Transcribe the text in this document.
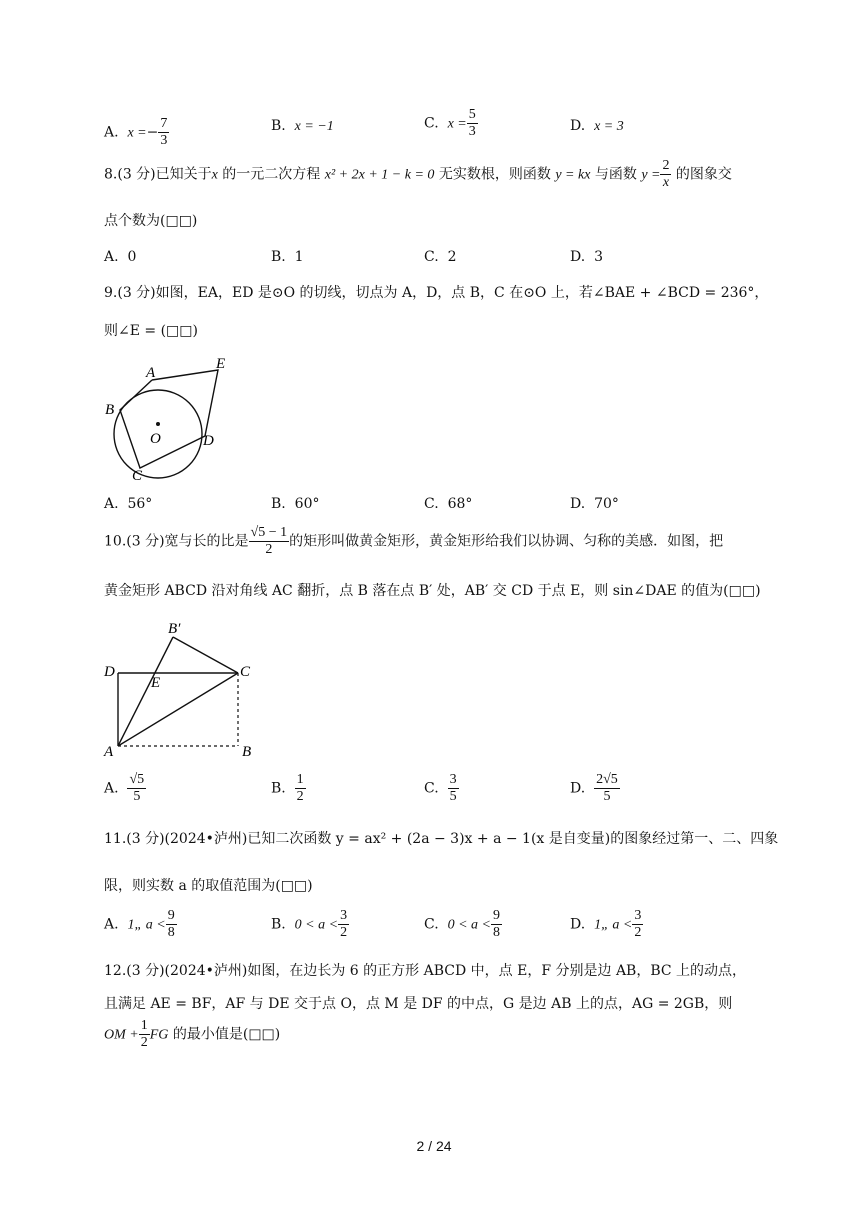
A. $x =- \frac{7}{3}$	B. x = −1	C. $x = \frac{5}{3}$	D. x = 3
8.(3 分)已知关于x 的一元二次方程 x² + 2x + 1 − k = 0 无实数根，则函数 y = kx 与函数 $y = \frac{2}{x}$ 的图象交
点个数为(□□)
A. 0	B. 1	C. 2	D. 3
9.(3 分)如图，EA，ED 是⊙O 的切线，切点为 A，D，点 B，C 在⊙O 上，若∠BAE + ∠BCD = 236°，
则∠E = (□□)
A
B
C
D
E
O
A. 56°	B. 60°	C. 68°	D. 70°
10.(3 分)宽与长的比是 $\frac{√5 - 1}{2}$ 的矩形叫做黄金矩形，黄金矩形给我们以协调、匀称的美感．如图，把
黄金矩形 ABCD 沿对角线 AC 翻折，点 B 落在点 B′ 处，AB′ 交 CD 于点 E，则 sin∠DAE 的值为(□□)
B′
D	C
E
A	B
A. $\frac{√5}{5}$	B. $\frac{1}{2}$	C. $\frac{3}{5}$	D. $\frac{2√5}{5}$
11.(3 分)(2024•泸州)已知二次函数 y = ax² + (2a − 3)x + a − 1(x 是自变量)的图象经过第一、二、四象
限，则实数 a 的取值范围为(□□)
A. 1„ $a < \frac{9}{8}$	B. $0 < a < \frac{3}{2}$	C. $0 < a < \frac{9}{8}$	D. 1„ $a < \frac{3}{2}$
12.(3 分)(2024•泸州)如图，在边长为 6 的正方形 ABCD 中，点 E，F 分别是边 AB，BC 上的动点，
且满足 AE = BF，AF 与 DE 交于点 O，点 M 是 DF 的中点，G 是边 AB 上的点，AG = 2GB，则
OM + $\frac{1}{2}$ FG 的最小值是(□□)
2 / 24
